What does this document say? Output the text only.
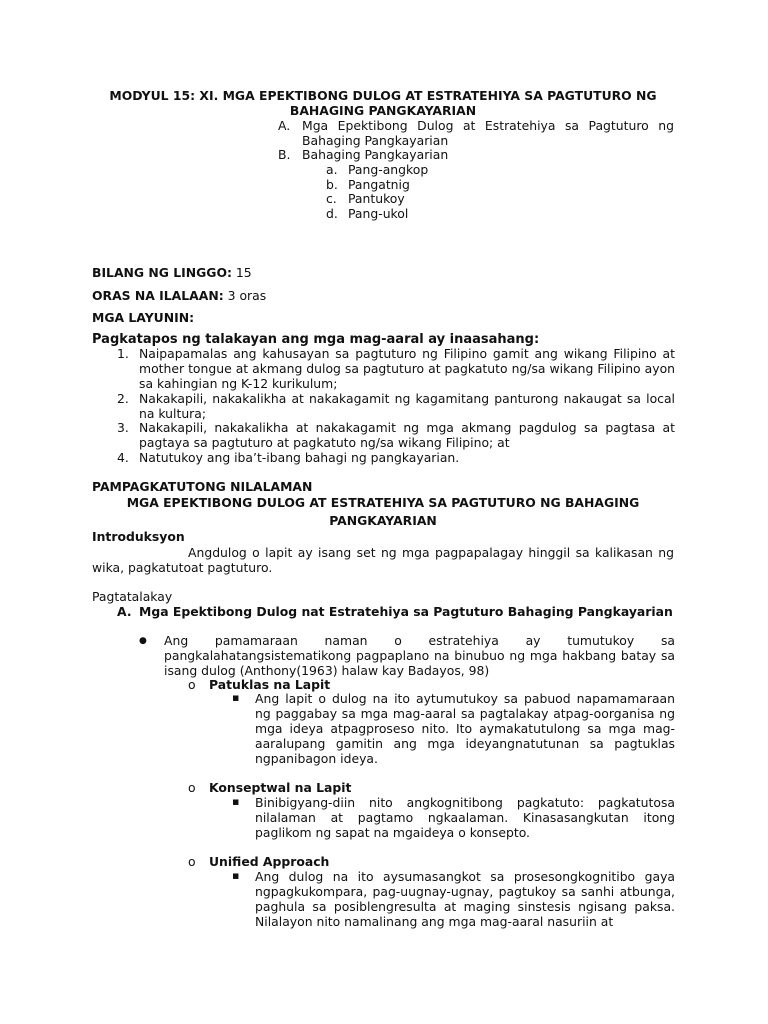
MODYUL 15: XI. MGA EPEKTIBONG DULOG AT ESTRATEHIYA SA PAGTUTURO NG
BAHAGING PANGKAYARIAN
A. Mga Epektibong Dulog at Estratehiya sa Pagtuturo ng Bahaging Pangkayarian
B. Bahaging Pangkayarian
a. Pang-angkop
b. Pangatnig
c. Pantukoy
d. Pang-ukol
BILANG NG LINGGO: 15
ORAS NA ILALAAN: 3 oras
MGA LAYUNIN:
Pagkatapos ng talakayan ang mga mag-aaral ay inaasahang:
1. Naipapamalas ang kahusayan sa pagtuturo ng Filipino gamit ang wikang Filipino at mother tongue at akmang dulog sa pagtuturo at pagkatuto ng/sa wikang Filipino ayon sa kahingian ng K-12 kurikulum;
2. Nakakapili, nakakalikha at nakakagamit ng kagamitang panturong nakaugat sa local na kultura;
3. Nakakapili, nakakalikha at nakakagamit ng mga akmang pagdulog sa pagtasa at pagtaya sa pagtuturo at pagkatuto ng/sa wikang Filipino; at
4. Natutukoy ang iba’t-ibang bahagi ng pangkayarian.
PAMPAGKATUTONG NILALAMAN
MGA EPEKTIBONG DULOG AT ESTRATEHIYA SA PAGTUTURO NG BAHAGING
PANGKAYARIAN
Introduksyon
Angdulog o lapit ay isang set ng mga pagpapalagay hinggil sa kalikasan ng wika, pagkatutoat pagtuturo.
Pagtatalakay
A. Mga Epektibong Dulog nat Estratehiya sa Pagtuturo Bahaging Pangkayarian
● Ang pamamaraan naman o estratehiya ay tumutukoy sa pangkalahatangsistematikong pagpaplano na binubuo ng mga hakbang batay sa isang dulog (Anthony(1963) halaw kay Badayos, 98)
o Patuklas na Lapit
▪ Ang lapit o dulog na ito aytumutukoy sa pabuod napamamaraan ng paggabay sa mga mag-aaral sa pagtalakay atpag-oorganisa ng mga ideya atpagproseso nito. Ito aymakatutulong sa mga mag-aaralupang gamitin ang mga ideyangnatutunan sa pagtuklas ngpanibagon ideya.
o Konseptwal na Lapit
▪ Binibigyang-diin nito angkognitibong pagkatuto: pagkatutosa nilalaman at pagtamo ngkaalaman. Kinasasangkutan itong paglikom ng sapat na mgaideya o konsepto.
o Unified Approach
▪ Ang dulog na ito aysumasangkot sa prosesongkognitibo gaya ngpagkukompara, pag-uugnay-ugnay, pagtukoy sa sanhi atbunga, paghula sa posiblengresulta at maging sinstesis ngisang paksa. Nilalayon nito namalinang ang mga mag-aaral nasuriin at
